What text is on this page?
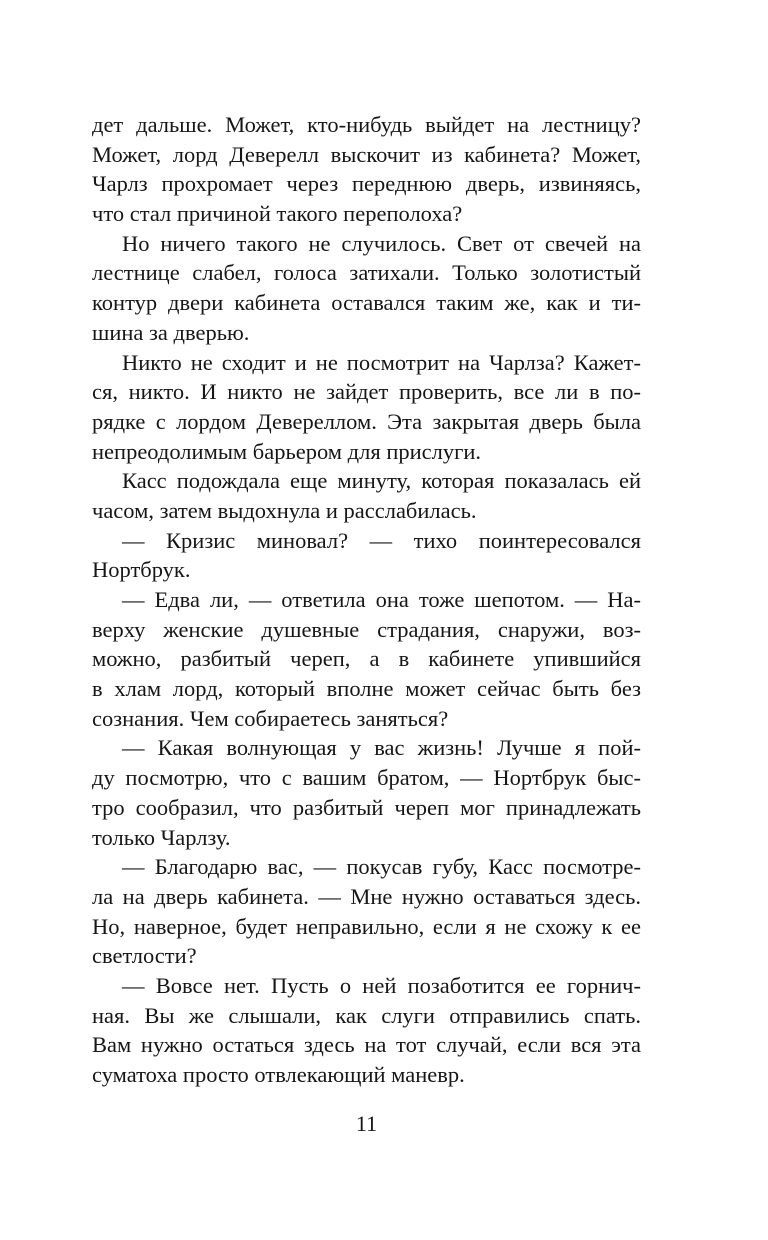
дет дальше. Может, кто-нибудь выйдет на лестницу?
Может, лорд Деверелл выскочит из кабинета? Может,
Чарлз прохромает через переднюю дверь, извиняясь,
что стал причиной такого переполоха?
Но ничего такого не случилось. Свет от свечей на
лестнице слабел, голоса затихали. Только золотистый
контур двери кабинета оставался таким же, как и ти-
шина за дверью.
Никто не сходит и не посмотрит на Чарлза? Кажет-
ся, никто. И никто не зайдет проверить, все ли в по-
рядке с лордом Девереллом. Эта закрытая дверь была
непреодолимым барьером для прислуги.
Касс подождала еще минуту, которая показалась ей
часом, затем выдохнула и расслабилась.
— Кризис миновал? — тихо поинтересовался
Нортбрук.
— Едва ли, — ответила она тоже шепотом. — На-
верху женские душевные страдания, снаружи, воз-
можно, разбитый череп, а в кабинете упившийся
в хлам лорд, который вполне может сейчас быть без
сознания. Чем собираетесь заняться?
— Какая волнующая у вас жизнь! Лучше я пой-
ду посмотрю, что с вашим братом, — Нортбрук быс-
тро сообразил, что разбитый череп мог принадлежать
только Чарлзу.
— Благодарю вас, — покусав губу, Касс посмотре-
ла на дверь кабинета. — Мне нужно оставаться здесь.
Но, наверное, будет неправильно, если я не схожу к ее
светлости?
— Вовсе нет. Пусть о ней позаботится ее горнич-
ная. Вы же слышали, как слуги отправились спать.
Вам нужно остаться здесь на тот случай, если вся эта
суматоха просто отвлекающий маневр.
11
